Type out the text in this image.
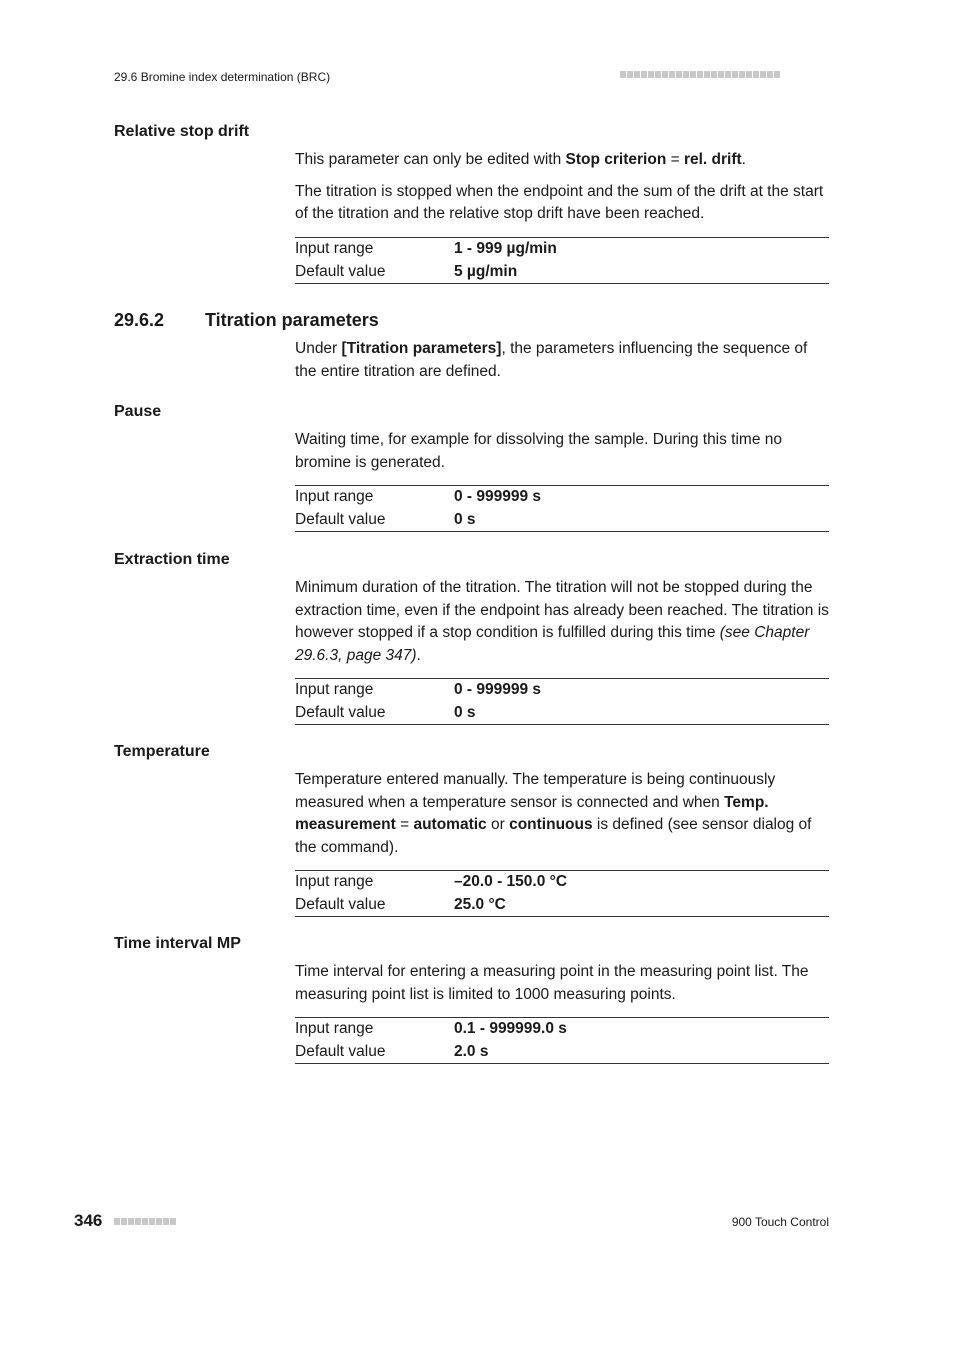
29.6 Bromine index determination (BRC)
Relative stop drift

This parameter can only be edited with Stop criterion = rel. drift.

The titration is stopped when the endpoint and the sum of the drift at the start of the titration and the relative stop drift have been reached.

Input range	1 - 999 µg/min
Default value	5 µg/min
29.6.2 Titration parameters

Under [Titration parameters], the parameters influencing the sequence of the entire titration are defined.

Pause

Waiting time, for example for dissolving the sample. During this time no bromine is generated.

Input range	0 - 999999 s
Default value	0 s
Extraction time

Minimum duration of the titration. The titration will not be stopped during the extraction time, even if the endpoint has already been reached. The titration is however stopped if a stop condition is fulfilled during this time (see Chapter 29.6.3, page 347).

Input range	0 - 999999 s
Default value	0 s
Temperature

Temperature entered manually. The temperature is being continuously measured when a temperature sensor is connected and when Temp. measurement = automatic or continuous is defined (see sensor dialog of the command).

Input range	–20.0 - 150.0 °C
Default value	25.0 °C
Time interval MP

Time interval for entering a measuring point in the measuring point list. The measuring point list is limited to 1000 measuring points.

Input range	0.1 - 999999.0 s
Default value	2.0 s
346	900 Touch Control
